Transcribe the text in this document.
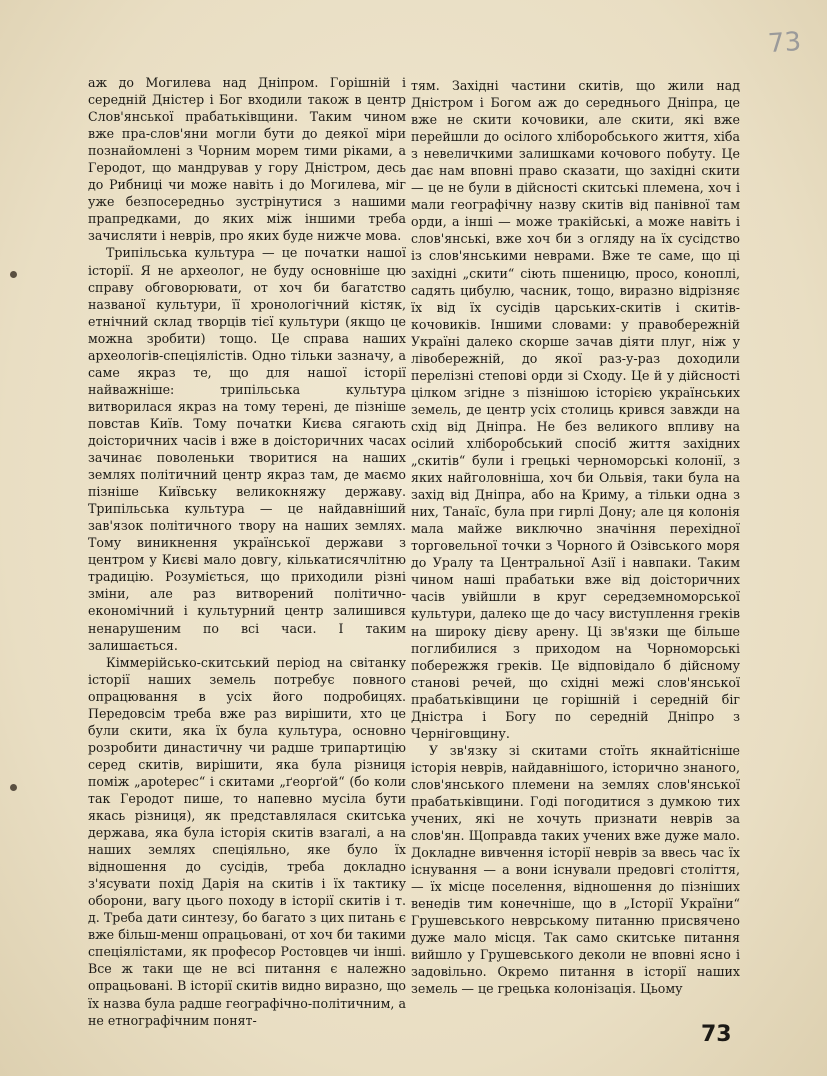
73

аж до Могилева над Дніпром. Горішній і середній Дністер і Бог входили також в центр Слов'янської прабатьківщини. Таким чином вже пра-слов'яни могли бути до деякої міри познайомлені з Чорним морем тими ріками, а Геродот, що мандрував у гору Дністром, десь до Рибниці чи може навіть і до Могилева, міг уже безпосередньо зустрінутися з нашими прапредками, до яких між іншими треба зачисляти і неврів, про яких буде нижче мова.

Трипільська культура — це початки нашої історії. Я не археолог, не буду основніше цю справу обговорювати, от хоч би багатство названої культури, її хронологічний кістяк, етнічний склад творців тієї культури (якщо це можна зробити) тощо. Це справа наших археологів-спеціялістів. Одно тільки зазначу, а саме якраз те, що для нашої історії найважніше: трипільська культура витворилася якраз на тому терені, де пізніше повстав Київ. Тому початки Києва сягають доісторичних часів і вже в доісторичних часах зачинає поволеньки творитися на наших землях політичний центр якраз там, де маємо пізніше Київську великокняжу державу. Трипільська культура — це найдавніший зав'язок політичного твору на наших землях. Тому виникнення української держави з центром у Києві мало довгу, кількатисячлітню традицію. Розуміється, що приходили різні зміни, але раз витворений політично-економічний і культурний центр залишився ненарушеним по всі часи. І таким залишається.

Кіммерійсько-скитський період на світанку історії наших земель потребує повного опрацювання в усіх його подробицях. Передовсім треба вже раз вирішити, хто це були скити, яка їх була культура, основно розробити династичну чи радше трипартицію серед скитів, вирішити, яка була різниця поміж „ароtерес“ і скитами „ґеорґой“ (бо коли так Геродот пише, то напевно мусіла бути якась різниця), як представлялася скитська держава, яка була історія скитів взагалі, а на наших землях спеціяльно, яке було їх відношення до сусідів, треба докладно з'ясувати похід Дарія на скитів і їх тактику оборони, вагу цього походу в історії скитів і т. д. Треба дати синтезу, бо багато з цих питань є вже більш-менш опрацьовані, от хоч би такими спеціялістами, як професор Ростовцев чи інші. Все ж таки ще не всі питання є належно опрацьовані. В історії скитів видно виразно, що їх назва була радше географічно-політичним, а не етнографічним понят-

тям. Західні частини скитів, що жили над Дністром і Богом аж до середнього Дніпра, це вже не скити кочовики, але скити, які вже перейшли до осілого хліборобського життя, хіба з невеличкими залишками кочового побуту. Це дає нам вповні право сказати, що західні скити — це не були в дійсності скитські племена, хоч і мали географічну назву скитів від панівної там орди, а інші — може тракійські, а може навіть і слов'янські, вже хоч би з огляду на їх сусідство із слов'янськими неврами. Вже те саме, що ці західні „скити“ сіють пшеницю, просо, коноплі, садять цибулю, часник, тощо, виразно відрізняє їх від їх сусідів царських-скитів і скитів-кочовиків. Іншими словами: у правобережній Україні далеко скорше зачав діяти плуг, ніж у лівобережній, до якої раз-у-раз доходили перелізні степові орди зі Сходу. Це й у дійсності цілком згідне з пізнішою історією українських земель, де центр усіх столиць крився завжди на схід від Дніпра. Не без великого впливу на осілий хліборобський спосіб життя західних „скитів“ були і грецькі черноморські колонії, з яких найголовніша, хоч би Ольвія, таки була на захід від Дніпра, або на Криму, а тільки одна з них, Танаїс, була при гирлі Дону; але ця колонія мала майже виключно значіння перехідної торговельної точки з Чорного й Озівського моря до Уралу та Центральної Азії і навпаки. Таким чином наші прабатьки вже від доісторичних часів увійшли в круг середземноморської культури, далеко ще до часу виступлення греків на широку дієву арену. Ці зв'язки ще більше поглибилися з приходом на Чорноморські побережжя греків. Це відповідало б дійсному станові речей, що східні межі слов'янської прабатьківщини це горішній і середній біг Дністра і Богу по середній Дніпро з Черніговщину.

У зв'язку зі скитами стоїть якнайтісніше історія неврів, найдавнішого, історично знаного, слов'янського племени на землях слов'янської прабатьківщини. Годі погодитися з думкою тих учених, які не хочуть признати неврів за слов'ян. Щоправда таких учених вже дуже мало. Докладне вивчення історії неврів за ввесь час їх існування — а вони існували предовгі століття, — їх місце поселення, відношення до пізніших венедів тим конечніше, що в „Історії України“ Грушевського неврському питанню присвячено дуже мало місця. Так само скитське питання вийшло у Грушевського деколи не вповні ясно і задовільно. Окремо питання в історії наших земель — це грецька колонізація. Цьому

73
